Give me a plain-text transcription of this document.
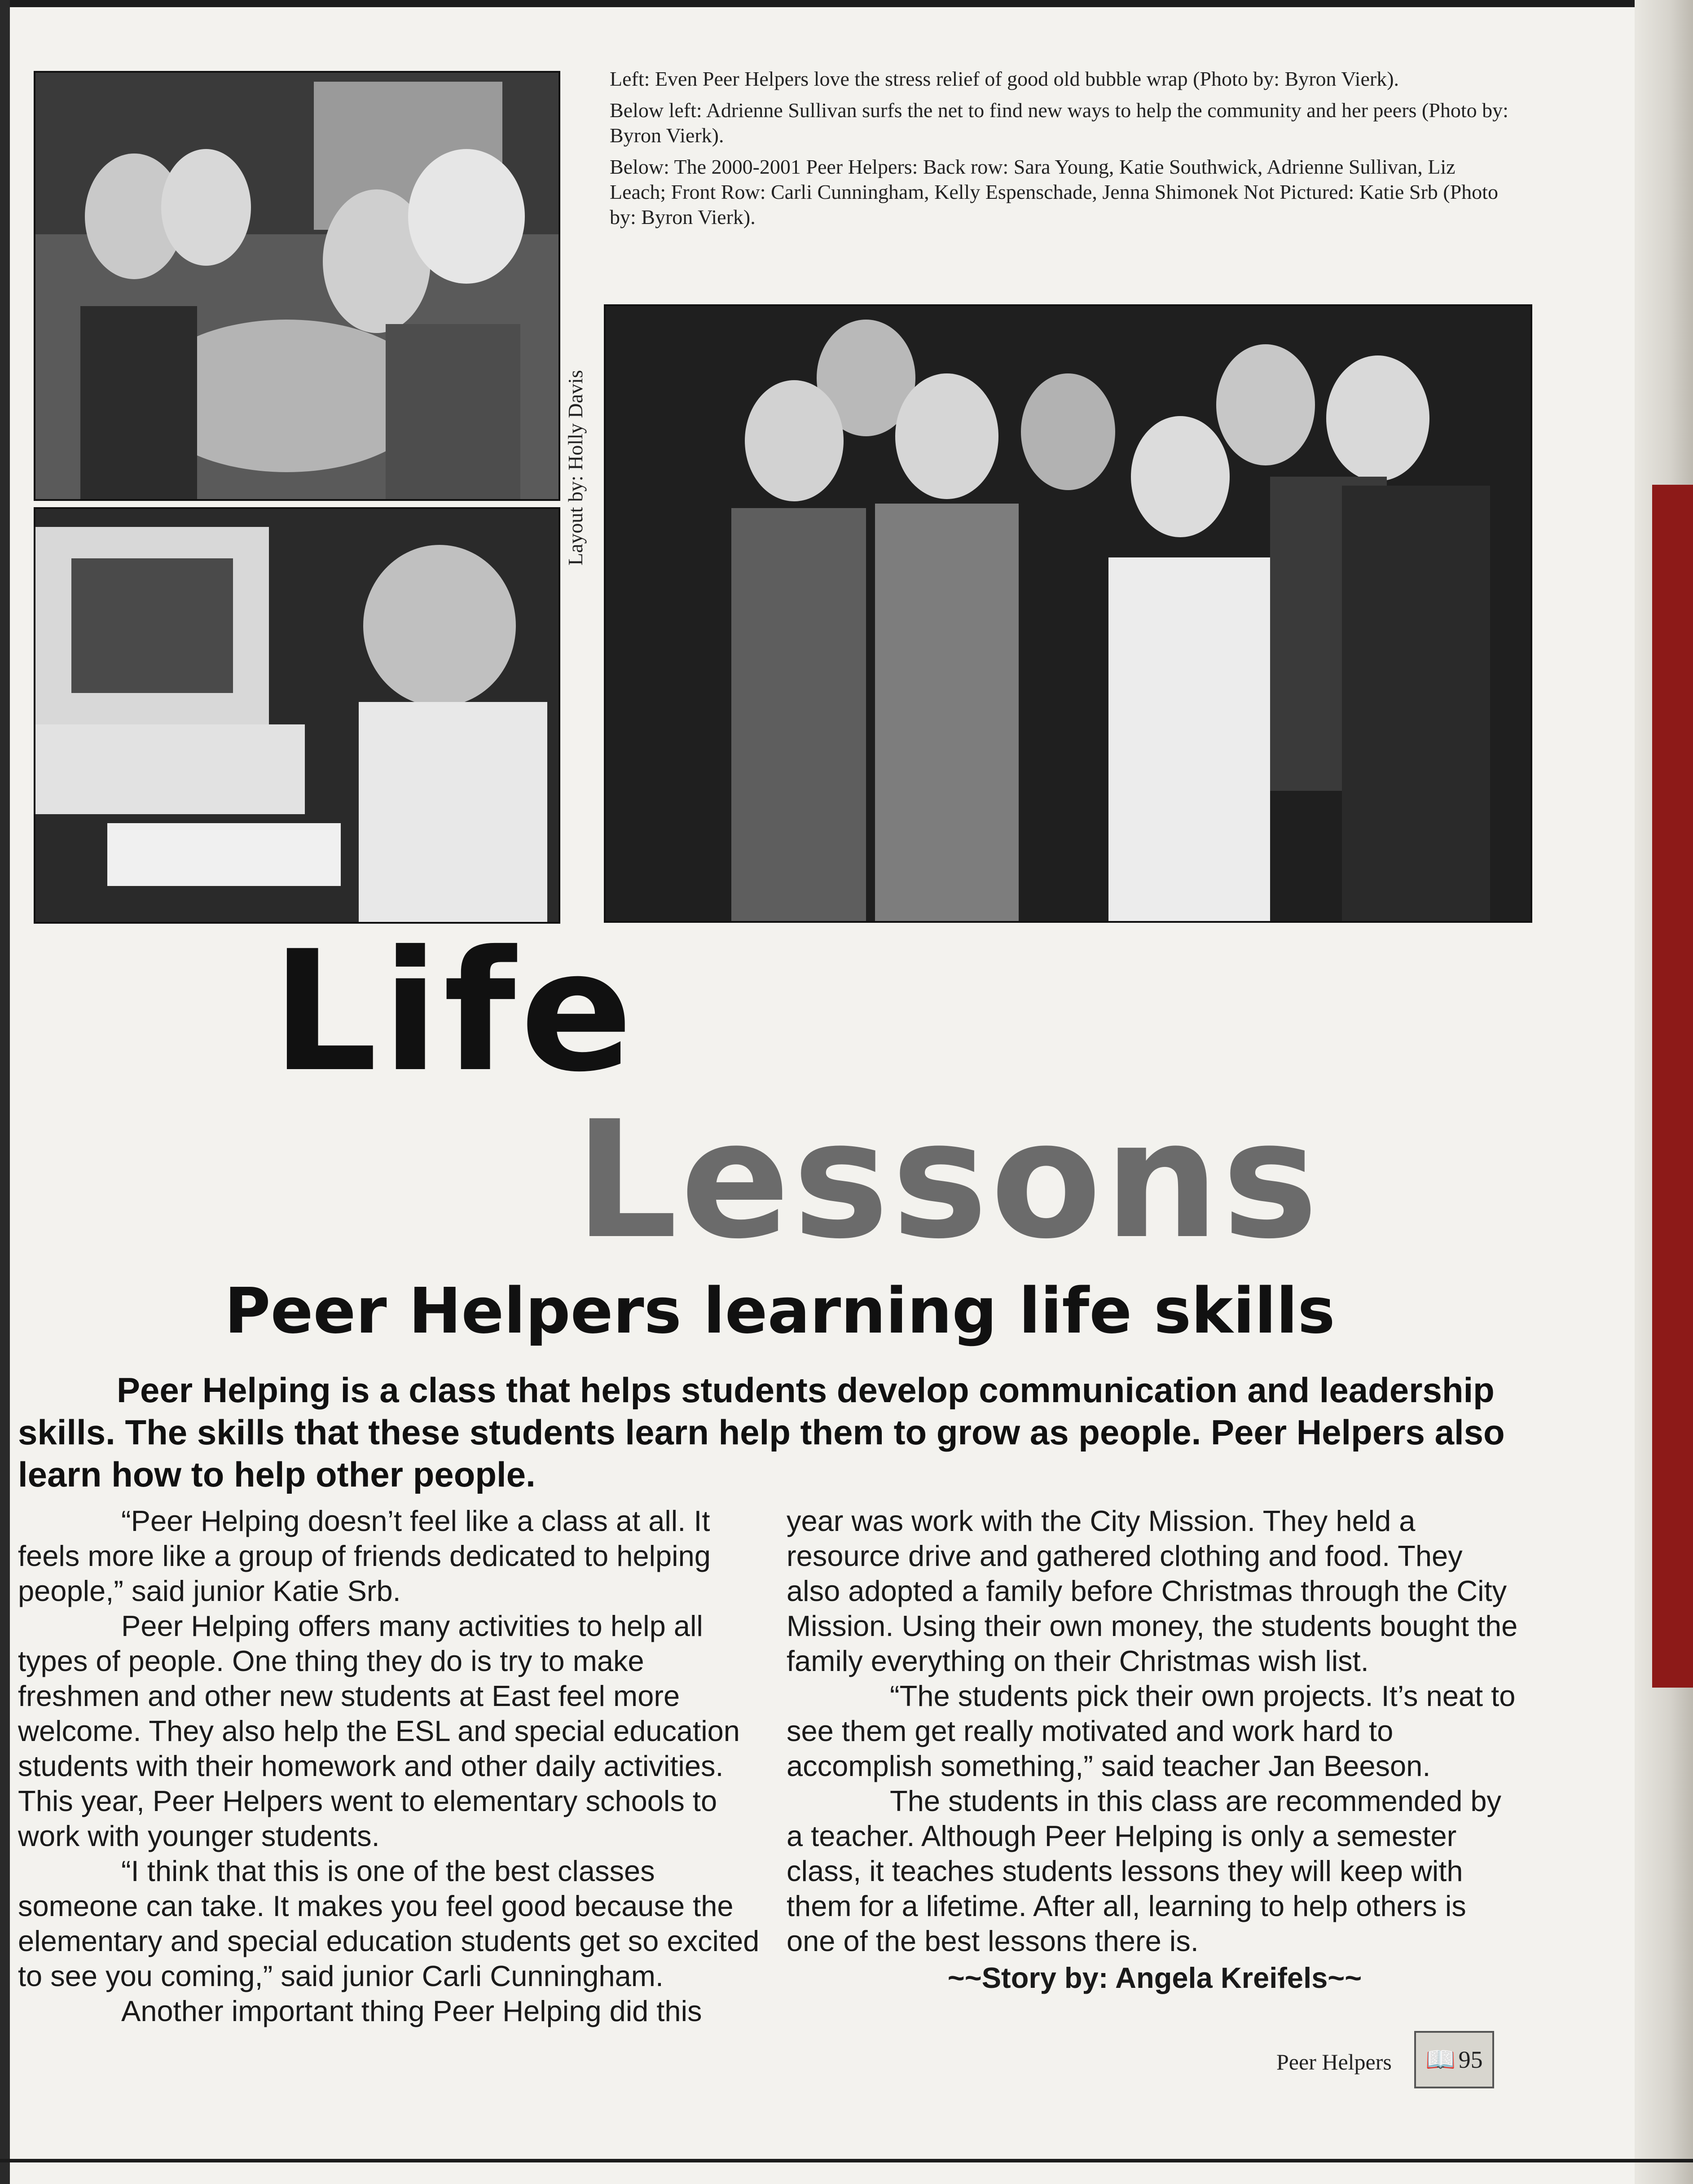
Left: Even Peer Helpers love the stress relief of good old bubble wrap (Photo by: Byron Vierk).

Below left: Adrienne Sullivan surfs the net to find new ways to help the community and her peers (Photo by: Byron Vierk).

Below: The 2000-2001 Peer Helpers: Back row: Sara Young, Katie Southwick, Adrienne Sullivan, Liz Leach; Front Row: Carli Cunningham, Kelly Espenschade, Jenna Shimonek Not Pictured: Katie Srb (Photo by: Byron Vierk).

Layout by: Holly Davis
Life
Lessons
Peer Helpers learning life skills
Peer Helping is a class that helps students develop communication and leadership skills. The skills that these students learn help them to grow as people. Peer Helpers also learn how to help other people.

“Peer Helping doesn’t feel like a class at all. It feels more like a group of friends dedicated to helping people,” said junior Katie Srb.

Peer Helping offers many activities to help all types of people. One thing they do is try to make freshmen and other new students at East feel more welcome. They also help the ESL and special education students with their homework and other daily activities. This year, Peer Helpers went to elementary schools to work with younger students.

“I think that this is one of the best classes someone can take. It makes you feel good because the elementary and special education students get so excited to see you coming,” said junior Carli Cunningham.

Another important thing Peer Helping did this

year was work with the City Mission. They held a resource drive and gathered clothing and food. They also adopted a family before Christmas through the City Mission. Using their own money, the students bought the family everything on their Christmas wish list.

“The students pick their own projects. It’s neat to see them get really motivated and work hard to accomplish something,” said teacher Jan Beeson.

The students in this class are recommended by a teacher. Although Peer Helping is only a semester class, it teaches students lessons they will keep with them for a lifetime. After all, learning to help others is one of the best lessons there is.

~~Story by: Angela Kreifels~~

Peer Helpers 📖 95
